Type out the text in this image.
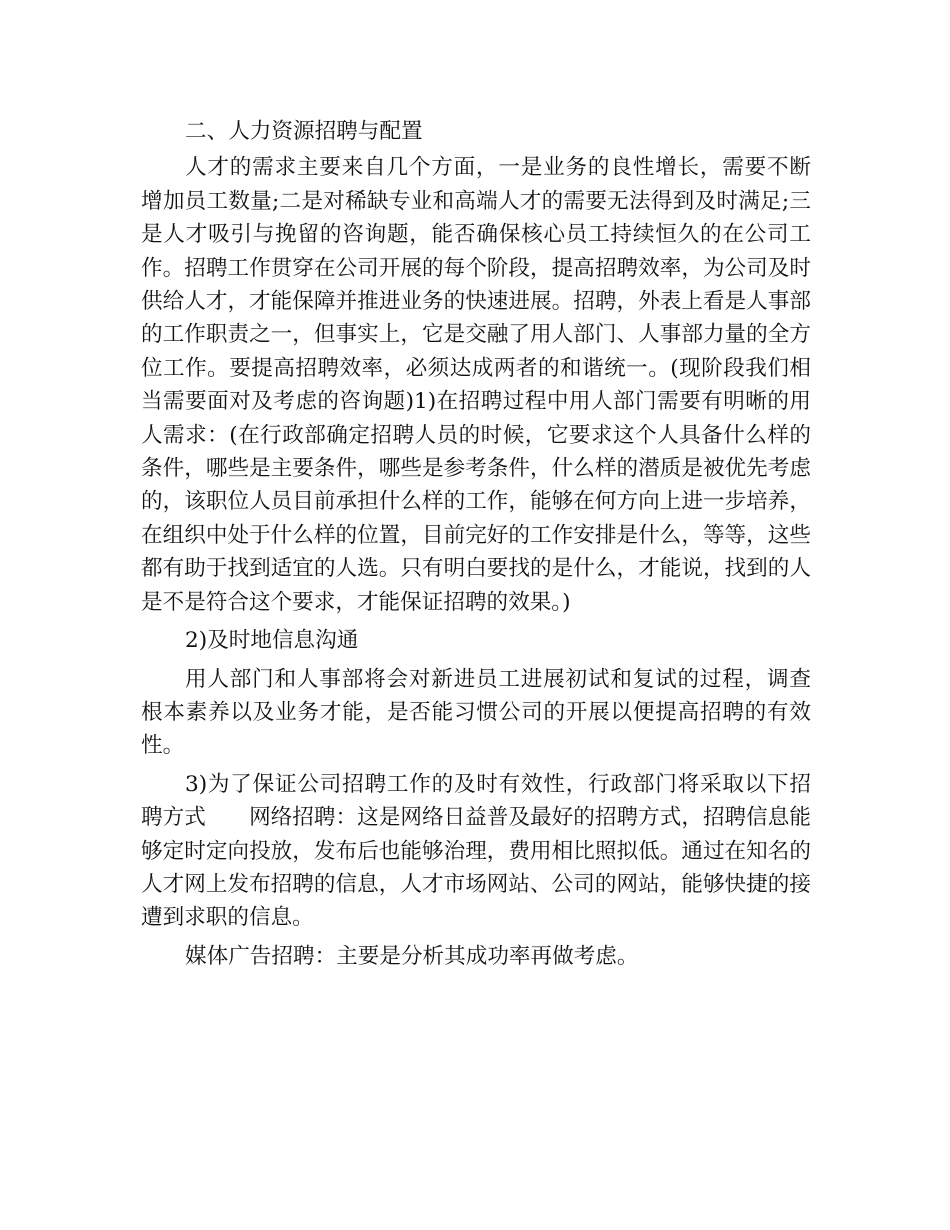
二、人力资源招聘与配置

人才的需求主要来自几个方面，一是业务的良性增长，需要不断增加员工数量;二是对稀缺专业和高端人才的需要无法得到及时满足;三是人才吸引与挽留的咨询题，能否确保核心员工持续恒久的在公司工作。招聘工作贯穿在公司开展的每个阶段，提高招聘效率，为公司及时供给人才，才能保障并推进业务的快速进展。招聘，外表上看是人事部的工作职责之一，但事实上，它是交融了用人部门、人事部力量的全方位工作。要提高招聘效率，必须达成两者的和谐统一。(现阶段我们相当需要面对及考虑的咨询题)1)在招聘过程中用人部门需要有明晰的用人需求：(在行政部确定招聘人员的时候，它要求这个人具备什么样的条件，哪些是主要条件，哪些是参考条件，什么样的潜质是被优先考虑的，该职位人员目前承担什么样的工作，能够在何方向上进一步培养，在组织中处于什么样的位置，目前完好的工作安排是什么，等等，这些都有助于找到适宜的人选。只有明白要找的是什么，才能说，找到的人是不是符合这个要求，才能保证招聘的效果。)

2)及时地信息沟通

用人部门和人事部将会对新进员工进展初试和复试的过程，调查根本素养以及业务才能，是否能习惯公司的开展以便提高招聘的有效性。

3)为了保证公司招聘工作的及时有效性，行政部门将采取以下招聘方式　　网络招聘：这是网络日益普及最好的招聘方式，招聘信息能够定时定向投放，发布后也能够治理，费用相比照拟低。通过在知名的人才网上发布招聘的信息，人才市场网站、公司的网站，能够快捷的接遭到求职的信息。

媒体广告招聘：主要是分析其成功率再做考虑。
